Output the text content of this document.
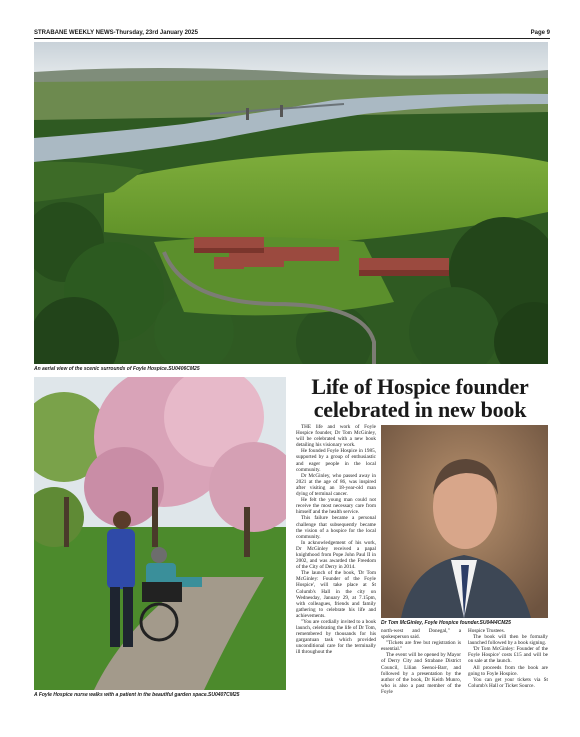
STRABANE WEEKLY NEWS-Thursday, 23rd January 2025	Page 9
An aerial view of the scenic surrounds of Foyle Hospice.SU0406CM25
A Foyle Hospice nurse walks with a patient in the beautiful garden space.SU0407CM25
Life of Hospice founder celebrated in new book

THE life and work of Foyle Hospice founder, Dr Tom McGinley, will be celebrated with a new book detailing his visionary work.

He founded Foyle Hospice in 1985, supported by a group of enthusiastic and eager people in the local community.

Dr McGinley, who passed away in 2021 at the age of 86, was inspired after visiting an 18-year-old man dying of terminal cancer.

He felt the young man could not receive the most necessary care from himself and the health service.

This failure became a personal challenge that subsequently became the vision of a hospice for the local community.

In acknowledgement of his work, Dr McGinley received a papal knighthood from Pope John Paul II in 2002, and was awarded the Freedom of the City of Derry in 2014.

The launch of the book, 'Dr Tom McGinley: Founder of the Foyle Hospice', will take place at St Columb's Hall in the city on Wednesday, January 29, at 7.15pm, with colleagues, friends and family gathering to celebrate his life and achievements.

"You are cordially invited to a book launch, celebrating the life of Dr Tom, remembered by thousands for his gargantuan task which provided unconditional care for the terminally ill throughout the

Dr Tom McGinley, Foyle Hospice founder.SU0444CM25

north-west and Donegal," a spokesperson said.

"Tickets are free but registration is essential."

The event will be opened by Mayor of Derry City and Strabane District Council, Lilian Seenoi-Barr, and followed by a presentation by the author of the book, Dr Keith Munro, who is also a past member of the Foyle

Hospice Trustees.

The book will then be formally launched followed by a book signing.

'Dr Tom McGinley: Founder of the Foyle Hospice' costs £15 and will be on sale at the launch.

All proceeds from the book are going to Foyle Hospice.

You can get your tickets via St Columb's Hall or Ticket Source.
